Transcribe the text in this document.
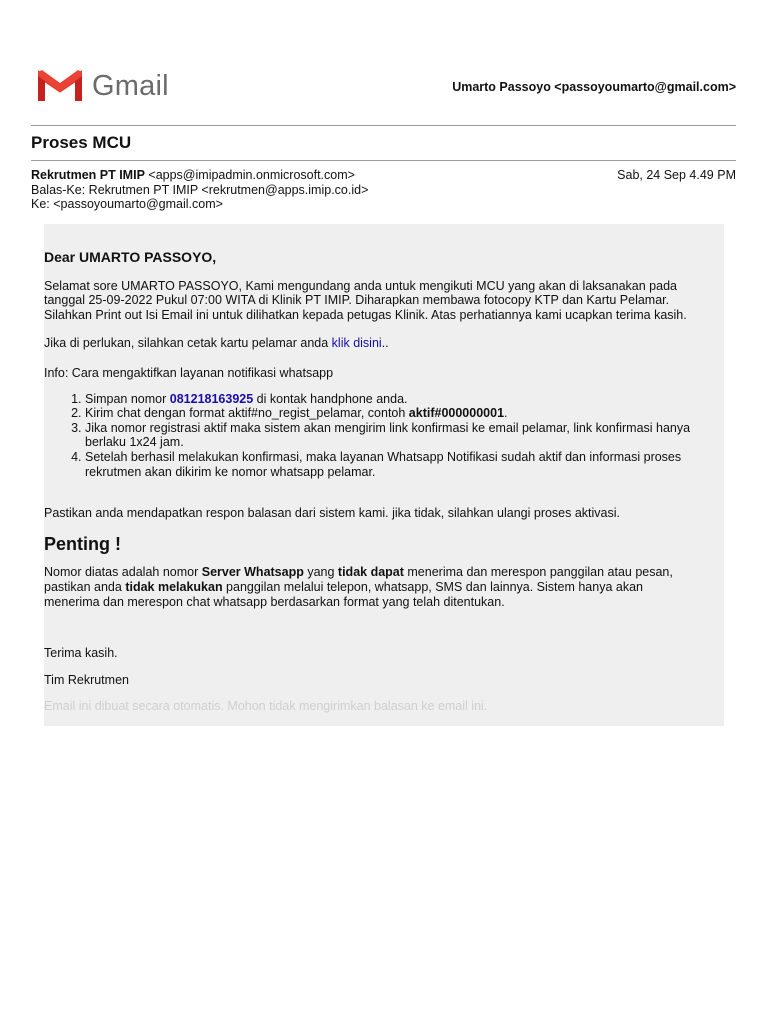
Gmail	Umarto Passoyo <passoyoumarto@gmail.com>
Proses MCU
Rekrutmen PT IMIP <apps@imipadmin.onmicrosoft.com>	Sab, 24 Sep 4.49 PM
Balas-Ke: Rekrutmen PT IMIP <rekrutmen@apps.imip.co.id>
Ke: <passoyoumarto@gmail.com>

Dear UMARTO PASSOYO,

Selamat sore UMARTO PASSOYO, Kami mengundang anda untuk mengikuti MCU yang akan di laksanakan pada
tanggal 25-09-2022 Pukul 07:00 WITA di Klinik PT IMIP. Diharapkan membawa fotocopy KTP dan Kartu Pelamar.
Silahkan Print out Isi Email ini untuk dilihatkan kepada petugas Klinik. Atas perhatiannya kami ucapkan terima kasih.

Jika di perlukan, silahkan cetak kartu pelamar anda klik disini..

Info: Cara mengaktifkan layanan notifikasi whatsapp

1. Simpan nomor 081218163925 di kontak handphone anda.
2. Kirim chat dengan format aktif#no_regist_pelamar, contoh aktif#000000001.
3. Jika nomor registrasi aktif maka sistem akan mengirim link konfirmasi ke email pelamar, link konfirmasi hanya
berlaku 1x24 jam.
4. Setelah berhasil melakukan konfirmasi, maka layanan Whatsapp Notifikasi sudah aktif dan informasi proses
rekrutmen akan dikirim ke nomor whatsapp pelamar.

Pastikan anda mendapatkan respon balasan dari sistem kami. jika tidak, silahkan ulangi proses aktivasi.

Penting !

Nomor diatas adalah nomor Server Whatsapp yang tidak dapat menerima dan merespon panggilan atau pesan,
pastikan anda tidak melakukan panggilan melalui telepon, whatsapp, SMS dan lainnya. Sistem hanya akan
menerima dan merespon chat whatsapp berdasarkan format yang telah ditentukan.

Terima kasih.

Tim Rekrutmen

Email ini dibuat secara otomatis. Mohon tidak mengirimkan balasan ke email ini.
